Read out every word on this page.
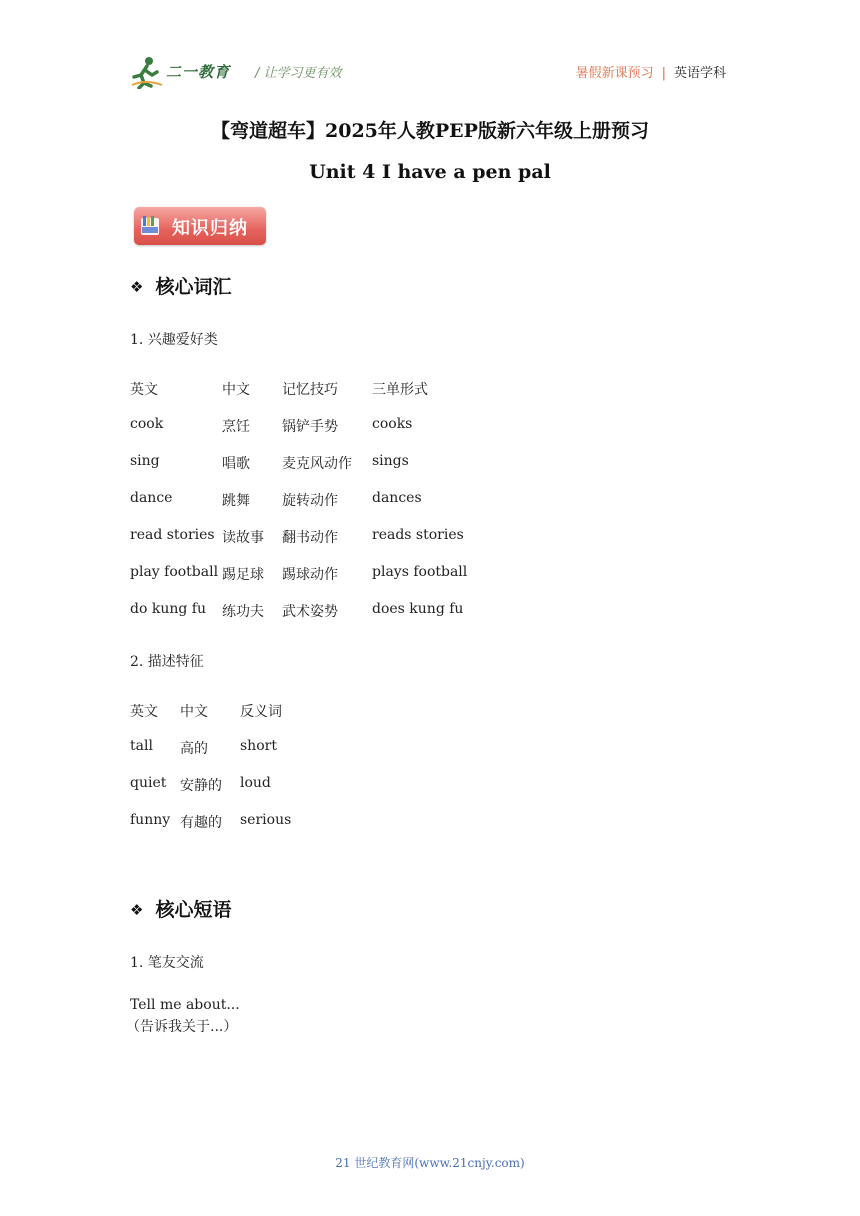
二一教育 / 让学习更有效	暑假新课预习 | 英语学科
【弯道超车】2025年人教PEP版新六年级上册预习
Unit 4 I have a pen pal
知识归纳
❖ 核心词汇
1. 兴趣爱好类
英文	中文 记忆技巧 三单形式
cook	烹饪 锅铲手势 cooks
sing	唱歌 麦克风动作 sings
dance	跳舞 旋转动作 dances
read stories 读故事 翻书动作 reads stories
play football 踢足球 踢球动作 plays football
do kung fu 练功夫 武术姿势 does kung fu
2. 描述特征
英文 中文 反义词
tall 高的 short
quiet 安静的 loud
funny 有趣的 serious
❖ 核心短语
1. 笔友交流
Tell me about...
（告诉我关于...）
21 世纪教育网(www.21cnjy.com)
